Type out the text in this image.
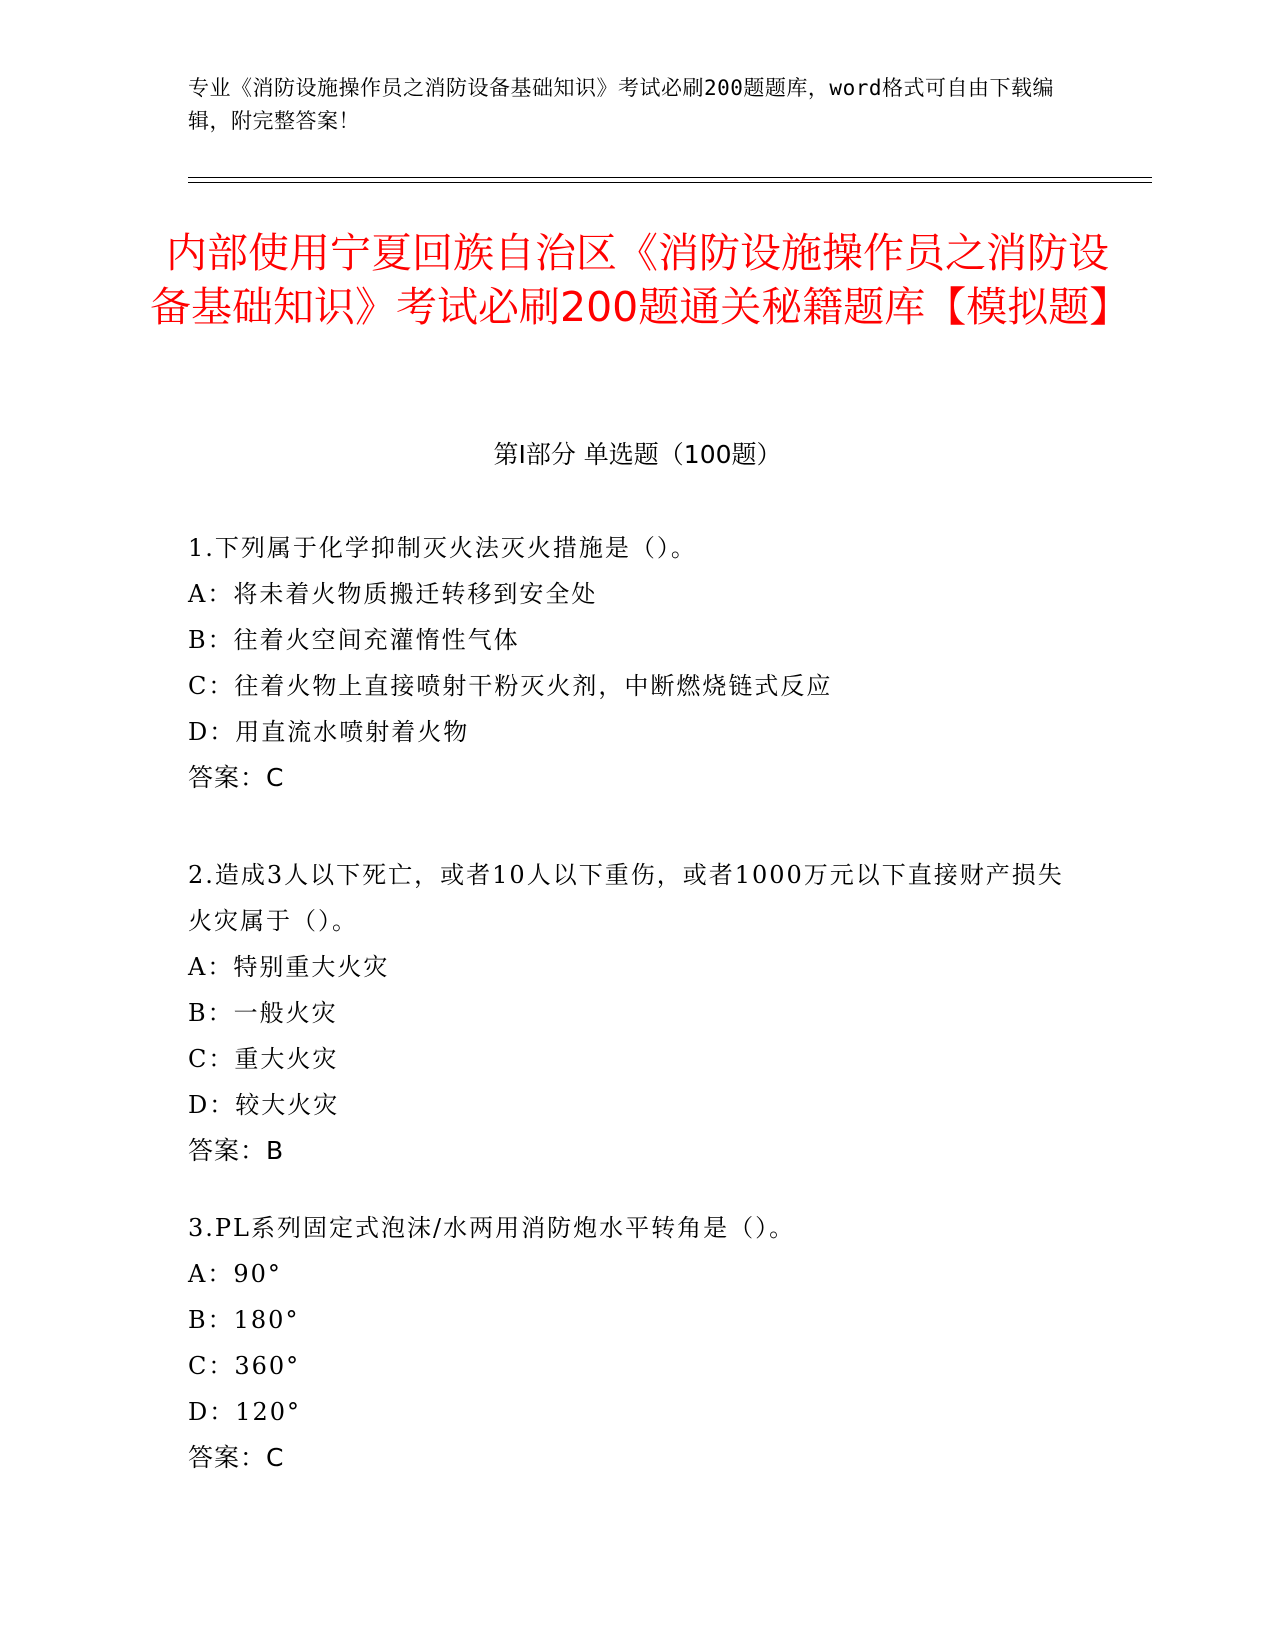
专业《消防设施操作员之消防设备基础知识》考试必刷200题题库，word格式可自由下载编辑，附完整答案！
内部使用宁夏回族自治区《消防设施操作员之消防设备基础知识》考试必刷200题通关秘籍题库【模拟题】
第I部分 单选题（100题）
1.下列属于化学抑制灭火法灭火措施是（）。
A：将未着火物质搬迁转移到安全处
B：往着火空间充灌惰性气体
C：往着火物上直接喷射干粉灭火剂，中断燃烧链式反应
D：用直流水喷射着火物
答案：C
2.造成3人以下死亡，或者10人以下重伤，或者1000万元以下直接财产损失火灾属于（）。
A：特别重大火灾
B：一般火灾
C：重大火灾
D：较大火灾
答案：B
3.PL系列固定式泡沫/水两用消防炮水平转角是（）。
A：90°
B：180°
C：360°
D：120°
答案：C
